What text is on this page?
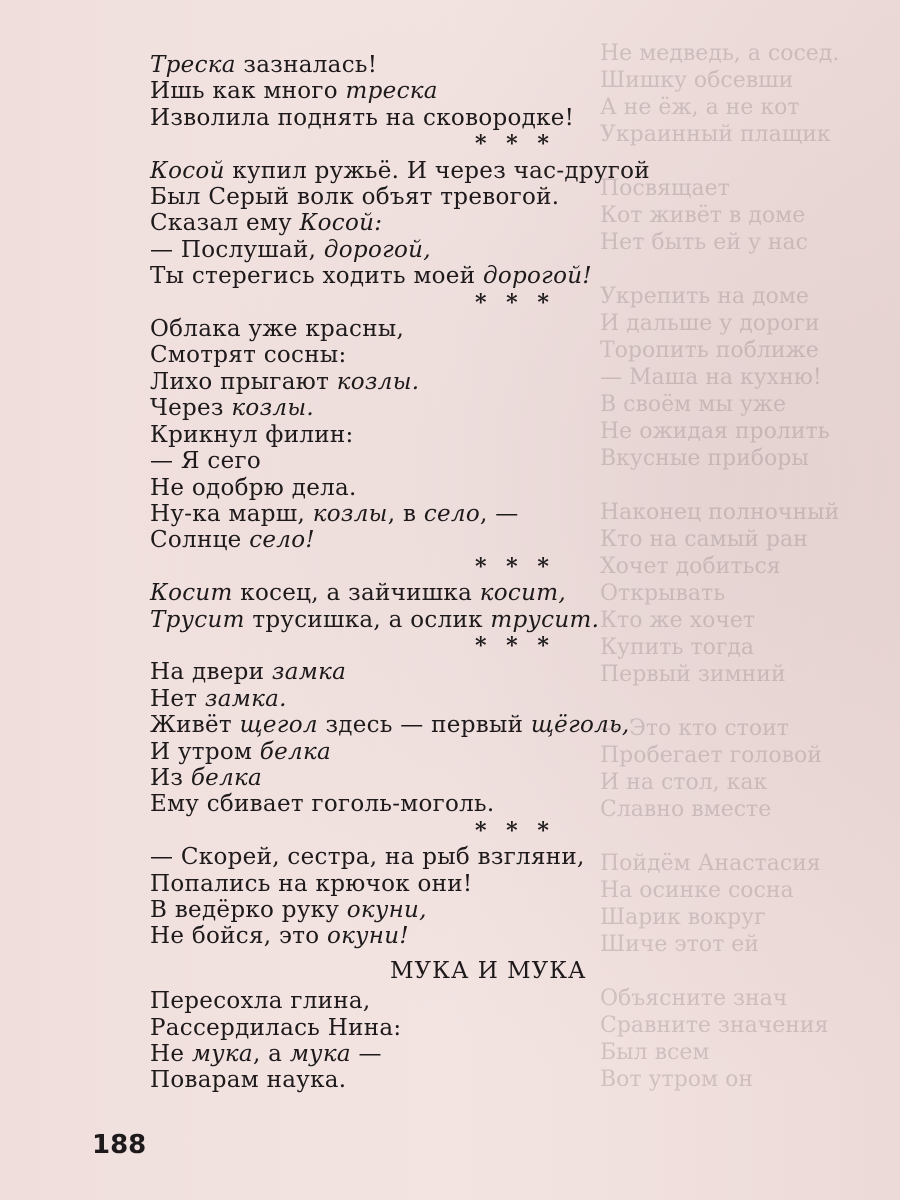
Не медведь, а сосед.
Шишку обсевши
А не ёж, а не кот
Украинный плащик

Посвящает
Кот живёт в доме
Нет быть ей у нас

Укрепить на доме
И дальше у дороги
Торопить поближе
— Маша на кухню!
В своём мы уже
Не ожидая пролить
Вкусные приборы

Наконец полночный
Кто на самый ран
Хочет добиться
Открывать
Кто же хочет
Купить тогда
Первый зимний

— Это кто стоит
Пробегает головой
И на стол, как
Славно вместе

Пойдём Анастасия
На осинке сосна
Шарик вокруг
Шиче этот ей

Объясните знач
Сравните значения
Был всем
Вот утром он
Треска зазналась!
Ишь как много треска
Изволила поднять на сковородке!
* * *
Косой купил ружьё. И через час-другой
Был Серый волк объят тревогой.
Сказал ему Косой:
— Послушай, дорогой,
Ты стерегись ходить моей дорогой!
* * *
Облака уже красны,
Смотрят сосны:
Лихо прыгают козлы.
Через козлы.
Крикнул филин:
— Я сего
Не одобрю дела.
Ну-ка марш, козлы, в село, —
Солнце село!
* * *
Косит косец, а зайчишка косит,
Трусит трусишка, а ослик трусит.
* * *
На двери замка
Нет замка.
Живёт щегол здесь — первый щёголь,
И утром белка
Из белка
Ему сбивает гоголь-моголь.
* * *
— Скорей, сестра, на рыб взгляни,
Попались на крючок они!
В ведёрко руку окуни,
Не бойся, это окуни!
МУКА И МУКА
Пересохла глина,
Рассердилась Нина:
Не мука, а мука —
Поварам наука.
188
